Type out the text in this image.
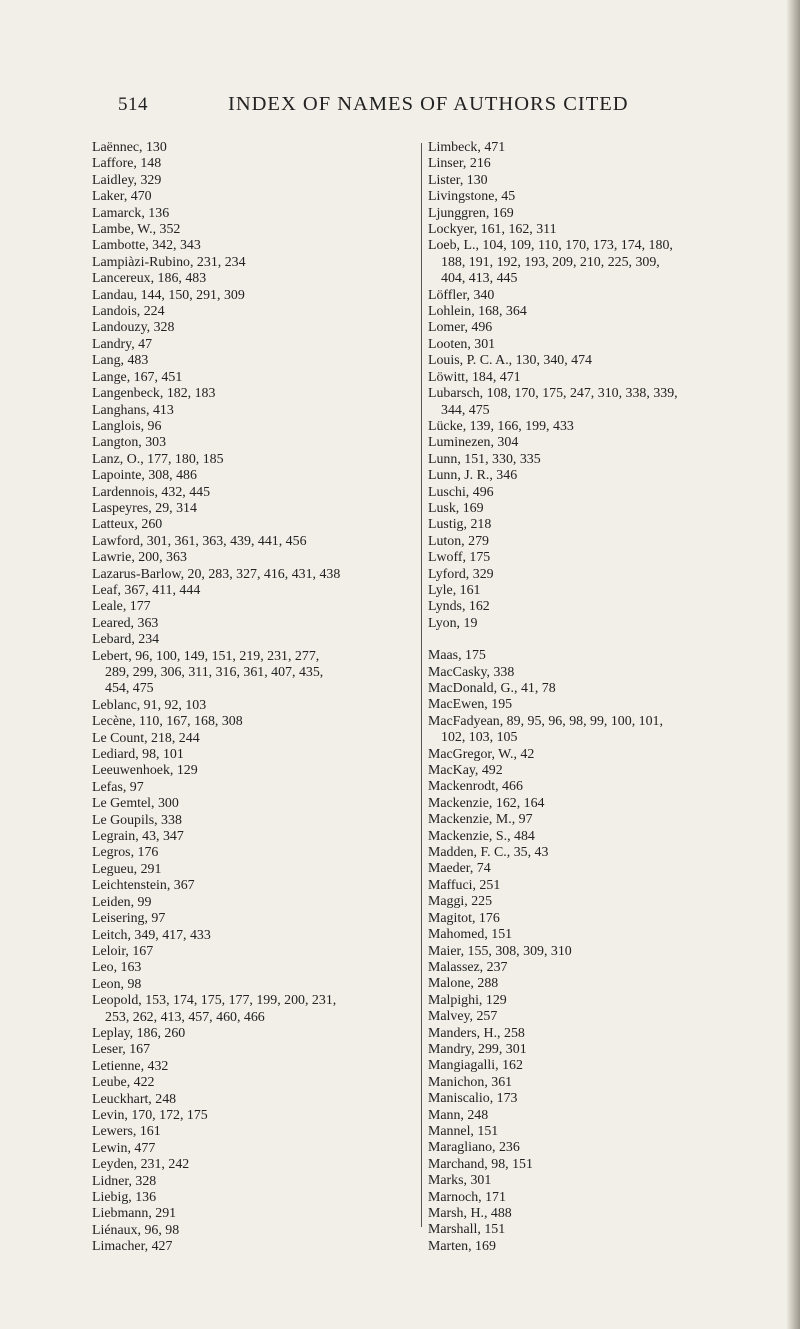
514	INDEX OF NAMES OF AUTHORS CITED
Laënnec, 130
Laffore, 148
Laidley, 329
Laker, 470
Lamarck, 136
Lambe, W., 352
Lambotte, 342, 343
Lampiàzi-Rubino, 231, 234
Lancereux, 186, 483
Landau, 144, 150, 291, 309
Landois, 224
Landouzy, 328
Landry, 47
Lang, 483
Lange, 167, 451
Langenbeck, 182, 183
Langhans, 413
Langlois, 96
Langton, 303
Lanz, O., 177, 180, 185
Lapointe, 308, 486
Lardennois, 432, 445
Laspeyres, 29, 314
Latteux, 260
Lawford, 301, 361, 363, 439, 441, 456
Lawrie, 200, 363
Lazarus-Barlow, 20, 283, 327, 416, 431, 438
Leaf, 367, 411, 444
Leale, 177
Leared, 363
Lebard, 234
Lebert, 96, 100, 149, 151, 219, 231, 277,
289, 299, 306, 311, 316, 361, 407, 435,
454, 475
Leblanc, 91, 92, 103
Lecène, 110, 167, 168, 308
Le Count, 218, 244
Lediard, 98, 101
Leeuwenhoek, 129
Lefas, 97
Le Gemtel, 300
Le Goupils, 338
Legrain, 43, 347
Legros, 176
Legueu, 291
Leichtenstein, 367
Leiden, 99
Leisering, 97
Leitch, 349, 417, 433
Leloir, 167
Leo, 163
Leon, 98
Leopold, 153, 174, 175, 177, 199, 200, 231,
253, 262, 413, 457, 460, 466
Leplay, 186, 260
Leser, 167
Letienne, 432
Leube, 422
Leuckhart, 248
Levin, 170, 172, 175
Lewers, 161
Lewin, 477
Leyden, 231, 242
Lidner, 328
Liebig, 136
Liebmann, 291
Liénaux, 96, 98
Limacher, 427
Limbeck, 471
Linser, 216
Lister, 130
Livingstone, 45
Ljunggren, 169
Lockyer, 161, 162, 311
Loeb, L., 104, 109, 110, 170, 173, 174, 180,
188, 191, 192, 193, 209, 210, 225, 309,
404, 413, 445
Löffler, 340
Lohlein, 168, 364
Lomer, 496
Looten, 301
Louis, P. C. A., 130, 340, 474
Löwitt, 184, 471
Lubarsch, 108, 170, 175, 247, 310, 338, 339,
344, 475
Lücke, 139, 166, 199, 433
Luminezen, 304
Lunn, 151, 330, 335
Lunn, J. R., 346
Luschi, 496
Lusk, 169
Lustig, 218
Luton, 279
Lwoff, 175
Lyford, 329
Lyle, 161
Lynds, 162
Lyon, 19
Maas, 175
MacCasky, 338
MacDonald, G., 41, 78
MacEwen, 195
MacFadyean, 89, 95, 96, 98, 99, 100, 101,
102, 103, 105
MacGregor, W., 42
MacKay, 492
Mackenrodt, 466
Mackenzie, 162, 164
Mackenzie, M., 97
Mackenzie, S., 484
Madden, F. C., 35, 43
Maeder, 74
Maffuci, 251
Maggi, 225
Magitot, 176
Mahomed, 151
Maier, 155, 308, 309, 310
Malassez, 237
Malone, 288
Malpighi, 129
Malvey, 257
Manders, H., 258
Mandry, 299, 301
Mangiagalli, 162
Manichon, 361
Maniscalio, 173
Mann, 248
Mannel, 151
Maragliano, 236
Marchand, 98, 151
Marks, 301
Marnoch, 171
Marsh, H., 488
Marshall, 151
Marten, 169
